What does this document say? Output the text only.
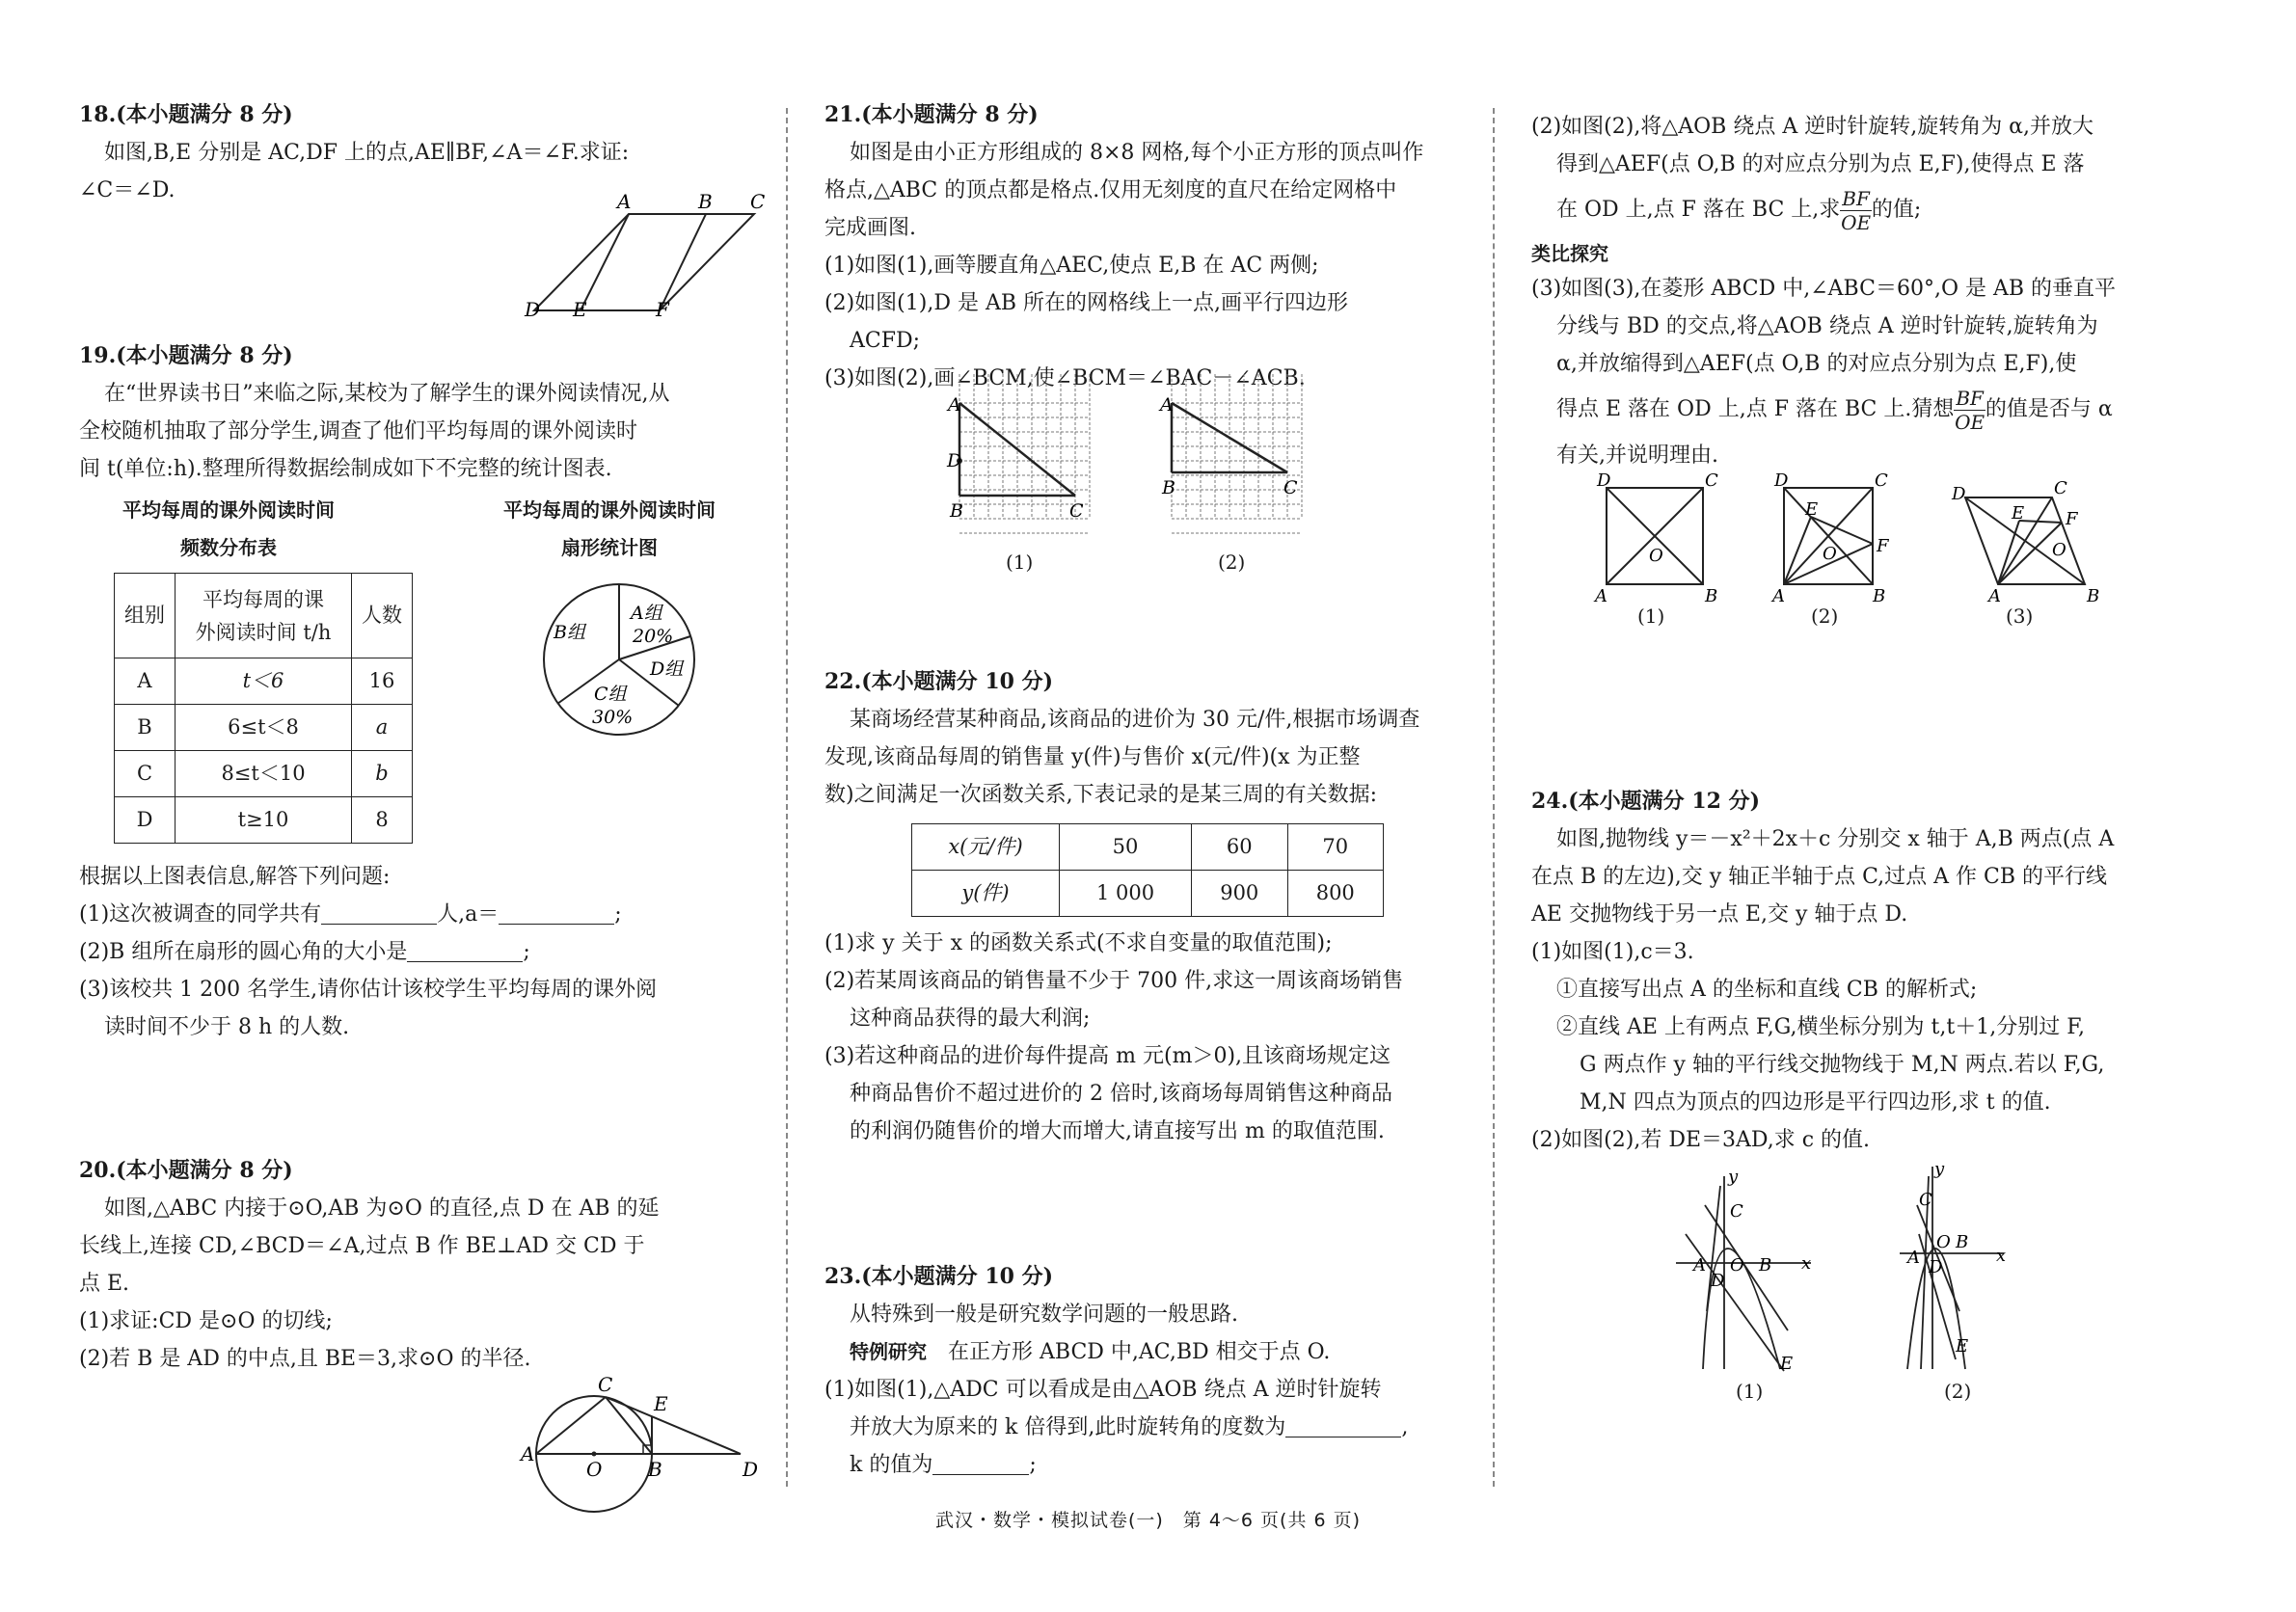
18.(本小题满分 8 分)

如图,B,E 分别是 AC,DF 上的点,AE∥BF,∠A＝∠F.求证:

∠C＝∠D.	A	B C
D E	F

19.(本小题满分 8 分)

在“世界读书日”来临之际,某校为了解学生的课外阅读情况,从

全校随机抽取了部分学生,调查了他们平均每周的课外阅读时

间 t(单位:h).整理所得数据绘制成如下不完整的统计图表.

平均每周的课外阅读时间
频数分布表
组别	平均每周的课
外阅读时间 t/h	人数
A	t＜6	16
B	6≤t＜8	a
C	8≤t＜10	b
D	t≥10	8
平均每周的课外阅读时间
扇形统计图
B组
A组
20%
D组
C组
30%

根据以上图表信息,解答下列问题:

(1)这次被调查的同学共有	人,a＝	;

(2)B 组所在扇形的圆心角的大小是	;

(3)该校共 1 200 名学生,请你估计该校学生平均每周的课外阅

读时间不少于 8 h 的人数.

20.(本小题满分 8 分)

如图,△ABC 内接于⊙O,AB 为⊙O 的直径,点 D 在 AB 的延

长线上,连接 CD,∠BCD＝∠A,过点 B 作 BE⊥AD 交 CD 于

点 E.

(1)求证:CD 是⊙O 的切线;

(2)若 B 是 AD 的中点,且 BE＝3,求⊙O 的半径.

A
O B
C
E
D

21.(本小题满分 8 分)

如图是由小正方形组成的 8×8 网格,每个小正方形的顶点叫作

格点,△ABC 的顶点都是格点.仅用无刻度的直尺在给定网格中

完成画图.

(1)如图(1),画等腰直角△AEC,使点 E,B 在 AC 两侧;

(2)如图(1),D 是 AB 所在的网格线上一点,画平行四边形

ACFD;

(3)如图(2),画∠BCM,使∠BCM＝∠BAC－∠ACB.

A
D
B	C
(1)
A
B	C
(2)

22.(本小题满分 10 分)

某商场经营某种商品,该商品的进价为 30 元/件,根据市场调查

发现,该商品每周的销售量 y(件)与售价 x(元/件)(x 为正整

数)之间满足一次函数关系,下表记录的是某三周的有关数据:

x(元/件)	50	60	70
y(件)	1 000	900	800

(1)求 y 关于 x 的函数关系式(不求自变量的取值范围);

(2)若某周该商品的销售量不少于 700 件,求这一周该商场销售

这种商品获得的最大利润;

(3)若这种商品的进价每件提高 m 元(m＞0),且该商场规定这

种商品售价不超过进价的 2 倍时,该商场每周销售这种商品

的利润仍随售价的增大而增大,请直接写出 m 的取值范围.

23.(本小题满分 10 分)

从特殊到一般是研究数学问题的一般思路.

特例研究　在正方形 ABCD 中,AC,BD 相交于点 O.

(1)如图(1),△ADC 可以看成是由△AOB 绕点 A 逆时针旋转

并放大为原来的 k 倍得到,此时旋转角的度数为	,

k 的值为	;

(2)如图(2),将△AOB 绕点 A 逆时针旋转,旋转角为 α,并放大

得到△AEF(点 O,B 的对应点分别为点 E,F),使得点 E 落

在 OD 上,点 F 落在 BC 上,求 $\frac{BF}{OE}$ 的值;

类比探究

(3)如图(3),在菱形 ABCD 中,∠ABC＝60°,O 是 AB 的垂直平

分线与 BD 的交点,将△AOB 绕点 A 逆时针旋转,旋转角为

α,并放缩得到△AEF(点 O,B 的对应点分别为点 E,F),使

得点 E 落在 OD 上,点 F 落在 BC 上.猜想 $\frac{BF}{OE}$ 的值是否与 α

有关,并说明理由.

D	C
A	B
O
D	C
E
F
O
A	B
D	C
E F
O
A	B
(1)	(2)	(3)

24.(本小题满分 12 分)

如图,抛物线 y＝－x²＋2x＋c 分别交 x 轴于 A,B 两点(点 A

在点 B 的左边),交 y 轴正半轴于点 C,过点 A 作 CB 的平行线

AE 交抛物线于另一点 E,交 y 轴于点 D.

(1)如图(1),c＝3.

①直接写出点 A 的坐标和直线 CB 的解析式;

②直线 AE 上有两点 F,G,横坐标分别为 t,t＋1,分别过 F,

G 两点作 y 轴的平行线交抛物线于 M,N 两点.若以 F,G,

M,N 四点为顶点的四边形是平行四边形,求 t 的值.

(2)如图(2),若 DE＝3AD,求 c 的值.

y
C
A
D
O B x
E
y
C
O B
A D
x
E
(1)	(2)
武汉・数学・模拟试卷(一)　第 4～6 页(共 6 页)
